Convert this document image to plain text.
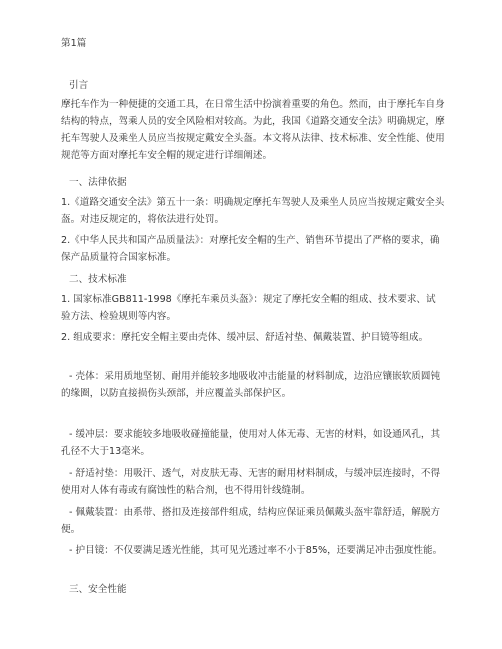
第1篇

引言

摩托车作为一种便捷的交通工具，在日常生活中扮演着重要的角色。然而，由于摩托车自身结构的特点，驾乘人员的安全风险相对较高。为此，我国《道路交通安全法》明确规定，摩托车驾驶人及乘坐人员应当按规定戴安全头盔。本文将从法律、技术标准、安全性能、使用规范等方面对摩托车安全帽的规定进行详细阐述。

一、法律依据

1.《道路交通安全法》第五十一条：明确规定摩托车驾驶人及乘坐人员应当按规定戴安全头盔。对违反规定的，将依法进行处罚。

2.《中华人民共和国产品质量法》：对摩托安全帽的生产、销售环节提出了严格的要求，确保产品质量符合国家标准。

二、技术标准

1. 国家标准GB811-1998《摩托车乘员头盔》：规定了摩托安全帽的组成、技术要求、试验方法、检验规则等内容。

2. 组成要求：摩托安全帽主要由壳体、缓冲层、舒适衬垫、佩戴装置、护目镜等组成。

- 壳体：采用质地坚韧、耐用并能较多地吸收冲击能量的材料制成，边沿应镶嵌软质圆钝的缘圈，以防直接损伤头颈部，并应覆盖头部保护区。

- 缓冲层：要求能较多地吸收碰撞能量，使用对人体无毒、无害的材料，如设通风孔，其孔径不大于13毫米。

- 舒适衬垫：用吸汗、透气，对皮肤无毒、无害的耐用材料制成，与缓冲层连接时，不得使用对人体有毒或有腐蚀性的粘合剂，也不得用针线缝制。

- 佩戴装置：由系带、搭扣及连接部件组成，结构应保证乘员佩戴头盔牢靠舒适，解脱方便。

- 护目镜：不仅要满足透光性能，其可见光透过率不小于85%，还要满足冲击强度性能。

三、安全性能
